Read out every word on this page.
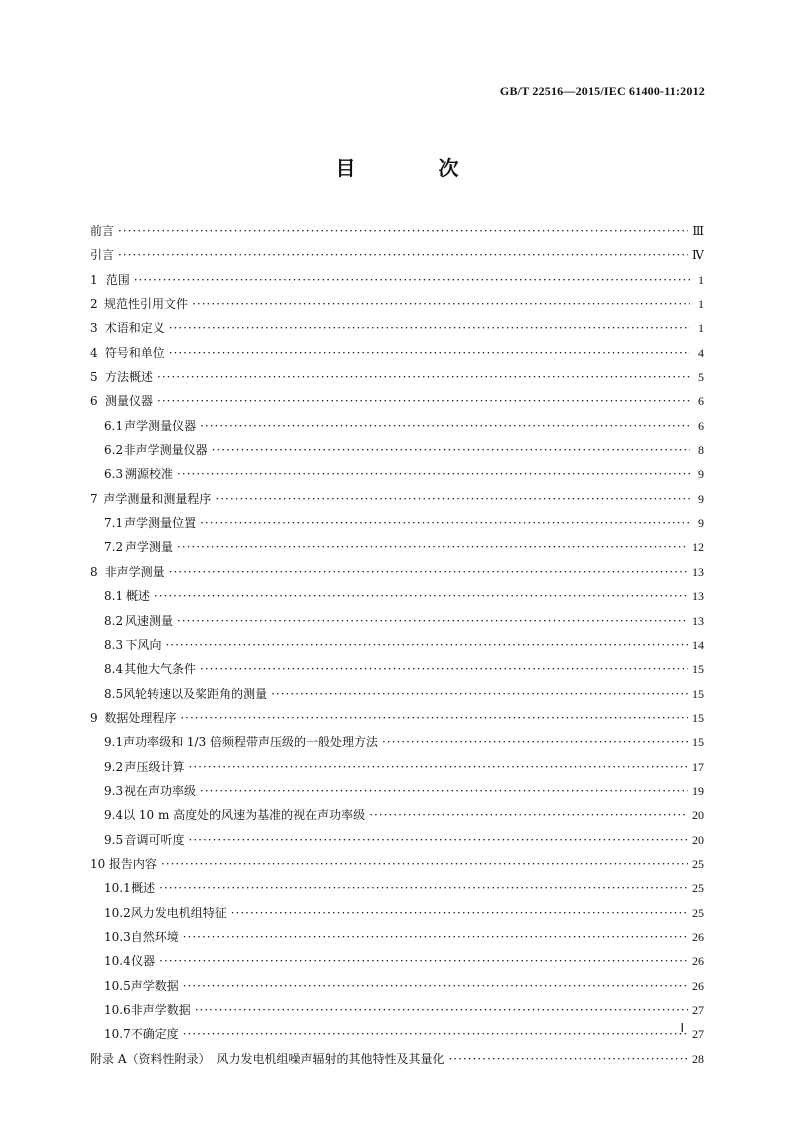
GB/T 22516—2015/IEC 61400-11:2012
目 次
前言 ·····	Ⅲ
引言 ·····	Ⅳ
1 范围 ·····	1
2 规范性引用文件 ·····	1
3 术语和定义 ·····	1
4 符号和单位 ·····	4
5 方法概述 ·····	5
6 测量仪器 ·····	6
6.1 声学测量仪器 ·····	6
6.2 非声学测量仪器 ·····	8
6.3 溯源校准 ·····	9
7 声学测量和测量程序 ·····	9
7.1 声学测量位置 ·····	9
7.2 声学测量 ·····	12
8 非声学测量 ·····	13
8.1 概述 ·····	13
8.2 风速测量 ·····	13
8.3 下风向 ·····	14
8.4 其他大气条件 ·····	15
8.5 风轮转速以及桨距角的测量 ·····	15
9 数据处理程序 ·····	15
9.1 声功率级和 1/3 倍频程带声压级的一般处理方法 ·····	15
9.2 声压级计算 ·····	17
9.3 视在声功率级 ·····	19
9.4 以 10 m 高度处的风速为基准的视在声功率级 ·····	20
9.5 音调可听度 ·····	20
10 报告内容 ·····	25
10.1 概述 ·····	25
10.2 风力发电机组特征 ·····	25
10.3 自然环境 ·····	26
10.4 仪器 ·····	26
10.5 声学数据 ·····	26
10.6 非声学数据 ·····	27
10.7 不确定度 ·····	27
附录 A（资料性附录）　风力发电机组噪声辐射的其他特性及其量化 ·····	28
Ⅰ
